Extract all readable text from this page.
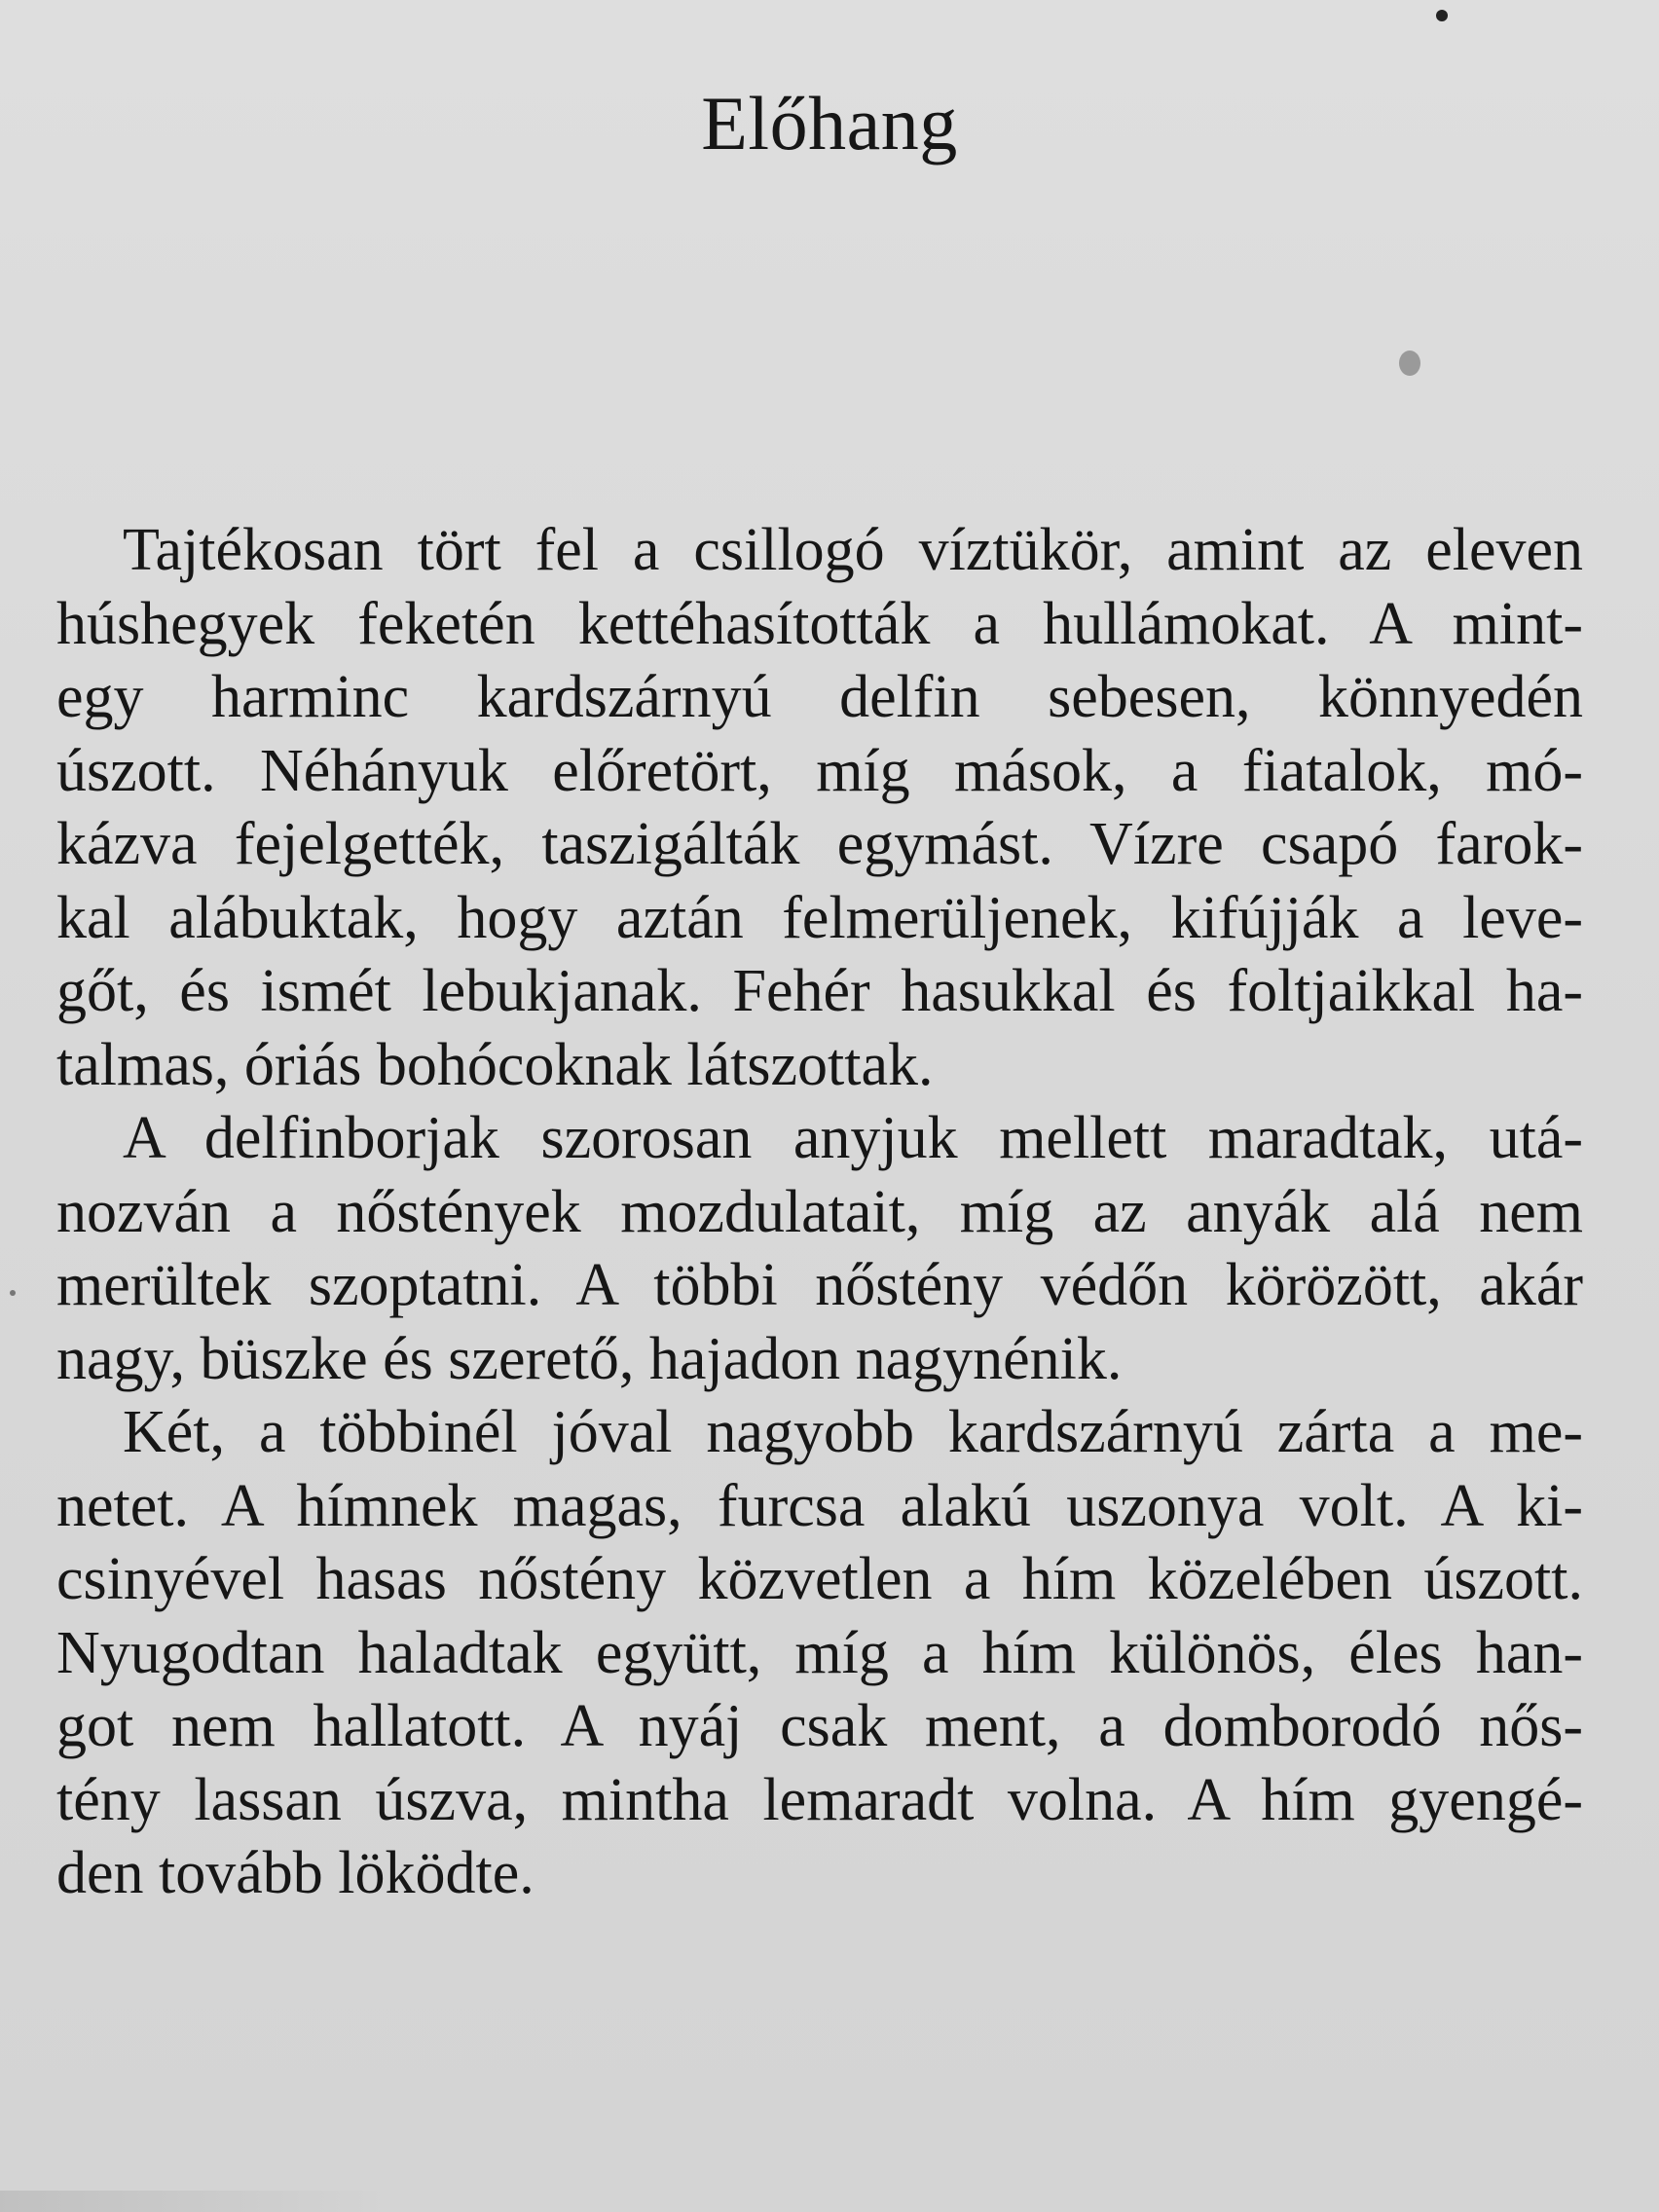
Előhang

Tajtékosan tört fel a csillogó víztükör, amint az eleven
húshegyek feketén kettéhasították a hullámokat. A mint-
egy harminc kardszárnyú delfin sebesen, könnyedén
úszott. Néhányuk előretört, míg mások, a fiatalok, mó-
kázva fejelgették, taszigálták egymást. Vízre csapó farok-
kal alábuktak, hogy aztán felmerüljenek, kifújják a leve-
gőt, és ismét lebukjanak. Fehér hasukkal és foltjaikkal ha-
talmas, óriás bohócoknak látszottak.

A delfinborjak szorosan anyjuk mellett maradtak, utá-
nozván a nőstények mozdulatait, míg az anyák alá nem
merültek szoptatni. A többi nőstény védőn körözött, akár
nagy, büszke és szerető, hajadon nagynénik.

Két, a többinél jóval nagyobb kardszárnyú zárta a me-
netet. A hímnek magas, furcsa alakú uszonya volt. A ki-
csinyével hasas nőstény közvetlen a hím közelében úszott.
Nyugodtan haladtak együtt, míg a hím különös, éles han-
got nem hallatott. A nyáj csak ment, a domborodó nős-
tény lassan úszva, mintha lemaradt volna. A hím gyengé-
den tovább löködte.
